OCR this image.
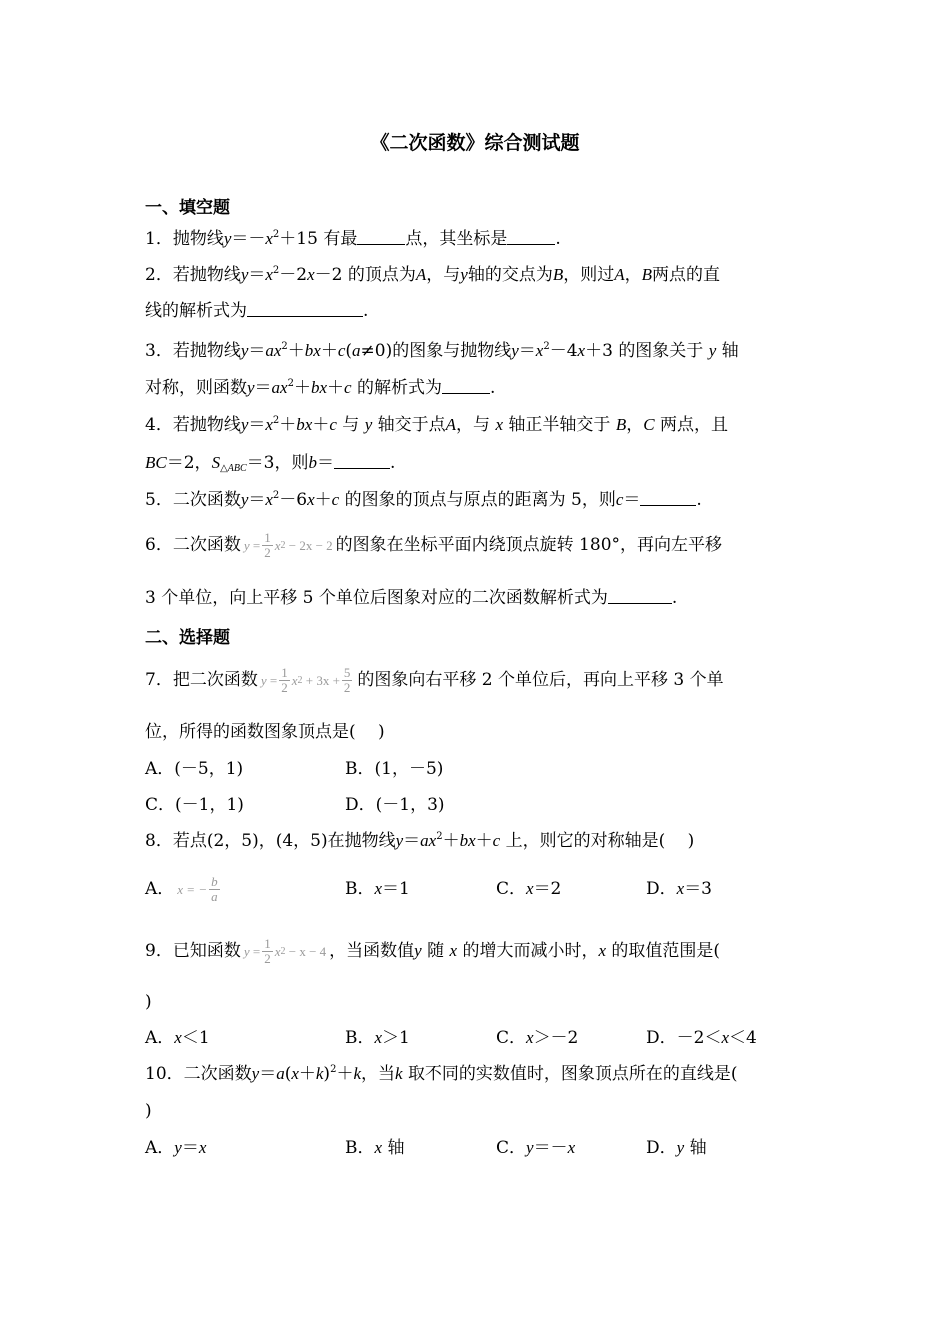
《二次函数》综合测试题
一、填空题
1．抛物线$y=-x^2+15$ 有最	点，其坐标是	.
2．若抛物线$y=x^2-2x-2$ 的顶点为A，与y轴的交点为B，则过A，B两点的直
线的解析式为	.
3．若抛物线$y=ax^2+bx+c(a\ne 0)$的图象与抛物线$y=x^2-4x+3$ 的图象关于 y 轴
对称，则函数$y=ax^2+bx+c$ 的解析式为	.
4．若抛物线$y=x^2+bx+c$ 与 y 轴交于点A，与 x 轴正半轴交于 B，C 两点，且
BC＝2，$S_{\triangle ABC}=3$，则b＝	.
5．二次函数$y=x^2-6x+c$ 的图象的顶点与原点的距离为 5，则c＝	.
6．二次函数 y
= $\frac{1}{2}$ x 2
− 2x − 2 的图象在坐标平面内绕顶点旋转 180°，再向左平移
3 个单位，向上平移 5 个单位后图象对应的二次函数解析式为	.
二、选择题
7．把二次函数 y
= $\frac{1}{2}$ x 2
+ $3x + \frac{5}{2}$ 的图象向右平移 2 个单位后，再向上平移 3 个单
位，所得的函数图象顶点是(　 )
A．(－5，1)	B．(1，－5)
C．(－1，1)	D．(－1，3)
8．若点(2，5)，(4，5)在抛物线$y=ax^2+bx+c$ 上，则它的对称轴是(　 )
A． x = − $\frac{b}{a}$	B．x＝1	C．x＝2	D．x＝3
9．已知函数 y
= $\frac{1}{2}$ x 2
− x − 4 ，当函数值y 随 x 的增大而减小时，x 的取值范围是(
)
A．x＜1	B．x＞1	C．x＞－2	D．－2＜x＜4
10．二次函数$y=a(x+k)^2+k$，当k 取不同的实数值时，图象顶点所在的直线是(
)
A．y＝x	B．x 轴	C．y＝－x	D．y 轴
